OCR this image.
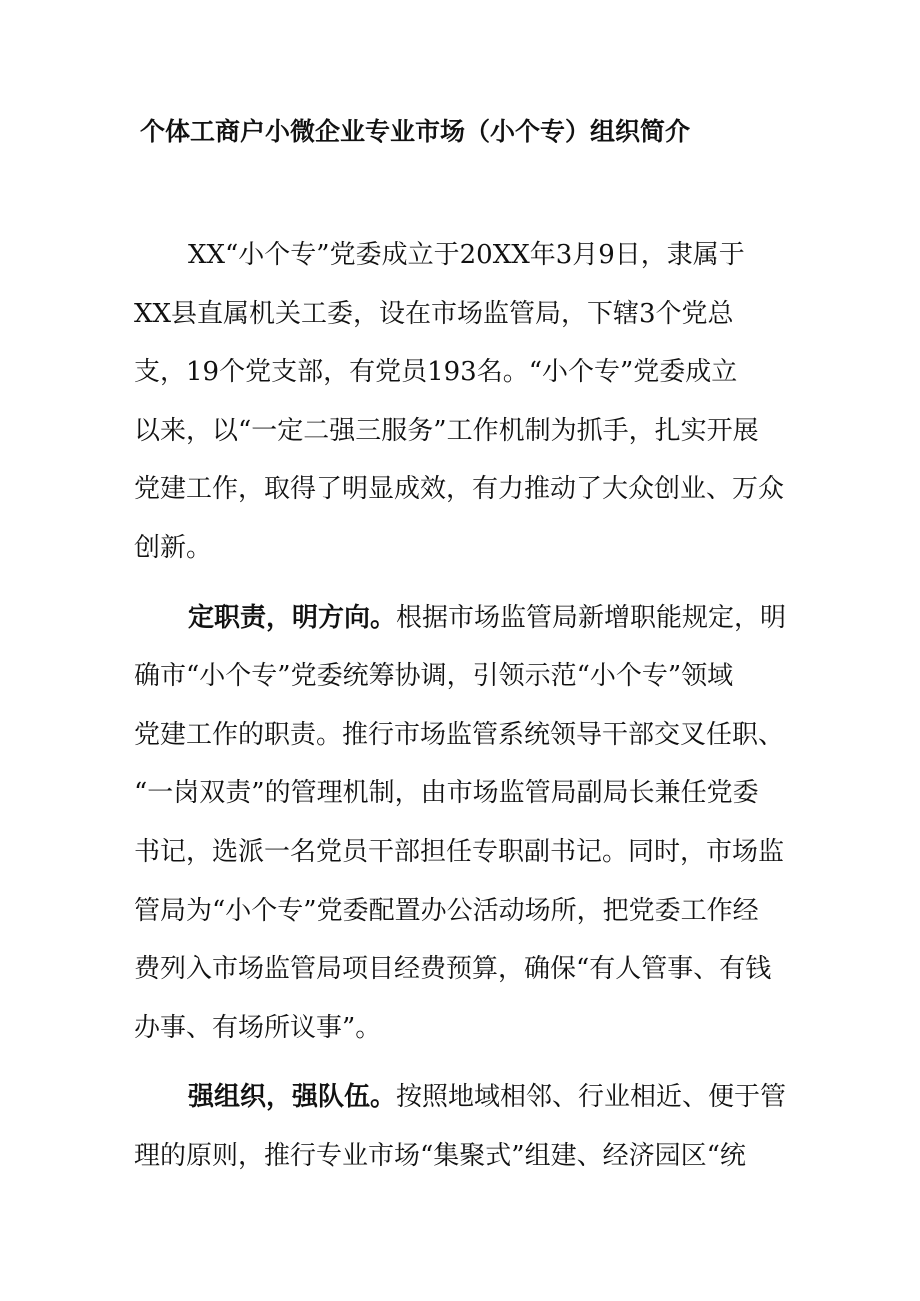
个体工商户小微企业专业市场（小个专）组织简介
XX“小个专”党委成立于20XX年3月9日，隶属于
XX县直属机关工委，设在市场监管局，下辖3个党总
支，19个党支部，有党员193名。“小个专”党委成立
以来，以“一定二强三服务”工作机制为抓手，扎实开展
党建工作，取得了明显成效，有力推动了大众创业、万众
创新。
定职责，明方向。根据市场监管局新增职能规定，明
确市“小个专”党委统筹协调，引领示范“小个专”领域
党建工作的职责。推行市场监管系统领导干部交叉任职、
“一岗双责”的管理机制，由市场监管局副局长兼任党委
书记，选派一名党员干部担任专职副书记。同时，市场监
管局为“小个专”党委配置办公活动场所，把党委工作经
费列入市场监管局项目经费预算，确保“有人管事、有钱
办事、有场所议事”。
强组织，强队伍。按照地域相邻、行业相近、便于管
理的原则，推行专业市场“集聚式”组建、经济园区“统
